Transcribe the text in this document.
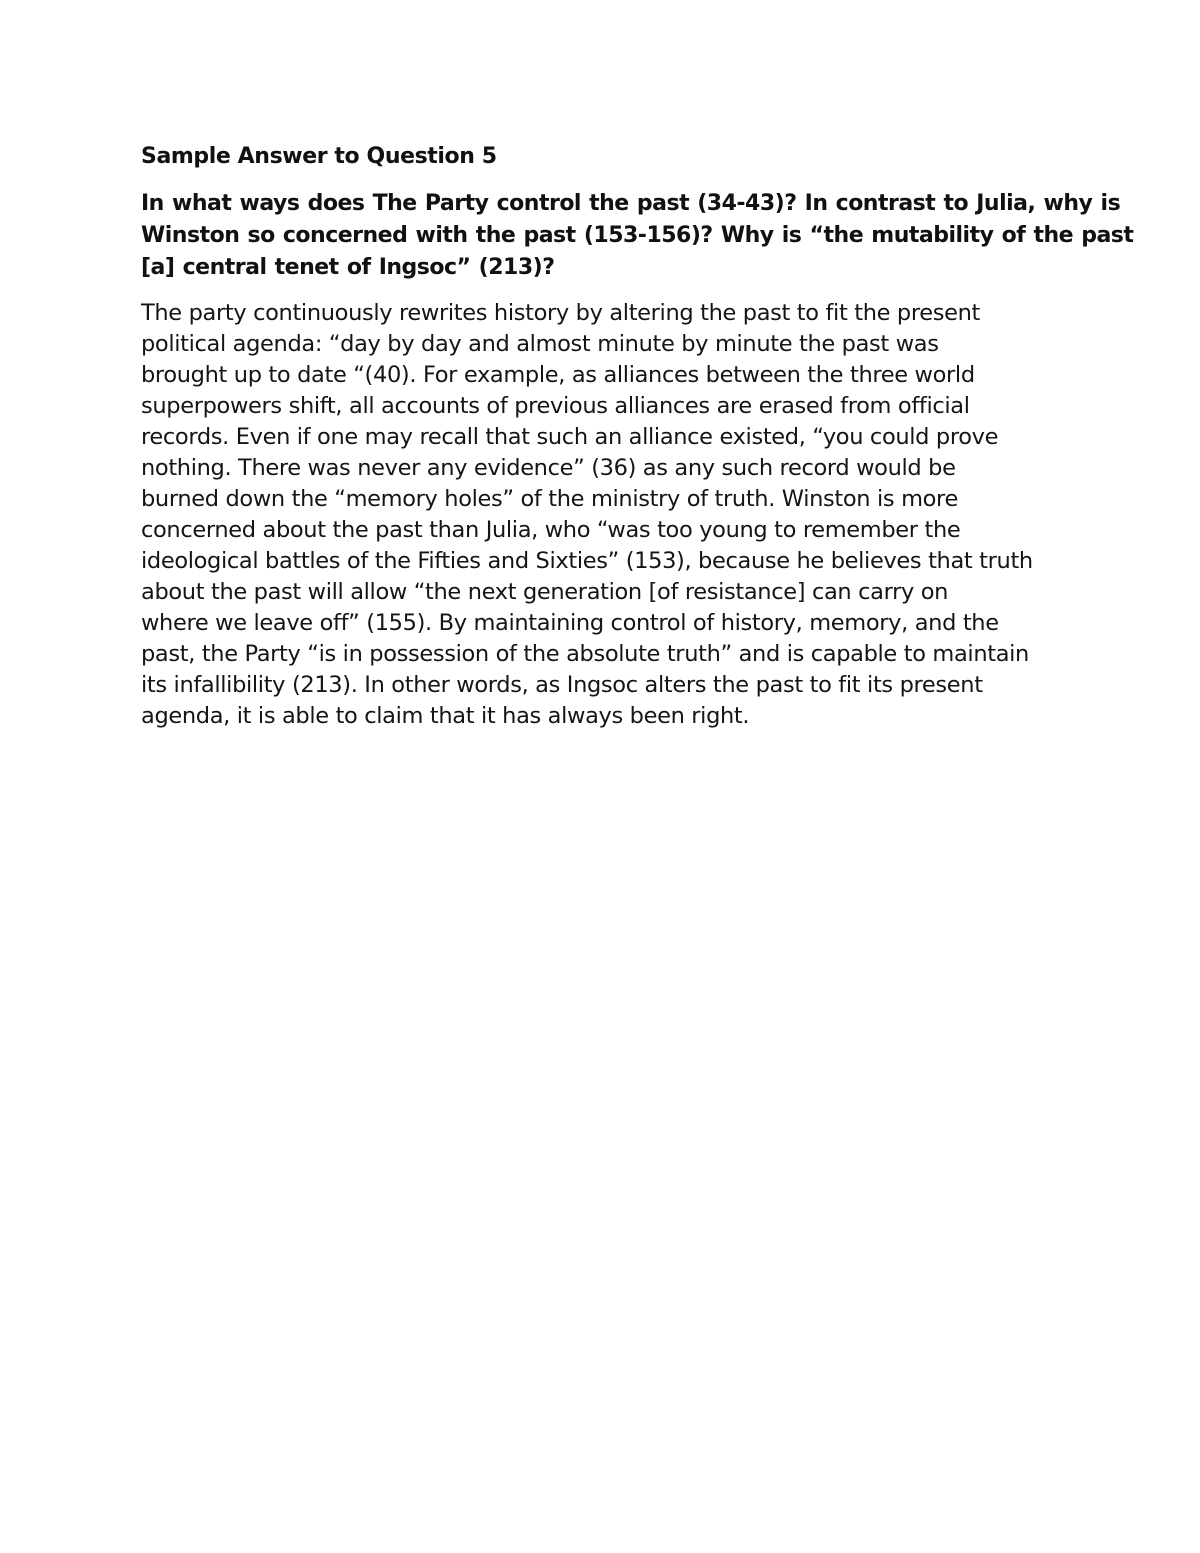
Sample Answer to Question 5

In what ways does The Party control the past (34-43)? In contrast to Julia, why is
Winston so concerned with the past (153-156)? Why is “the mutability of the past
[a] central tenet of Ingsoc” (213)?

The party continuously rewrites history by altering the past to fit the present
political agenda: “day by day and almost minute by minute the past was
brought up to date “(40). For example, as alliances between the three world
superpowers shift, all accounts of previous alliances are erased from official
records. Even if one may recall that such an alliance existed, “you could prove
nothing. There was never any evidence” (36) as any such record would be
burned down the “memory holes” of the ministry of truth. Winston is more
concerned about the past than Julia, who “was too young to remember the
ideological battles of the Fifties and Sixties” (153), because he believes that truth
about the past will allow “the next generation [of resistance] can carry on
where we leave off” (155). By maintaining control of history, memory, and the
past, the Party “is in possession of the absolute truth” and is capable to maintain
its infallibility (213). In other words, as Ingsoc alters the past to fit its present
agenda, it is able to claim that it has always been right.
